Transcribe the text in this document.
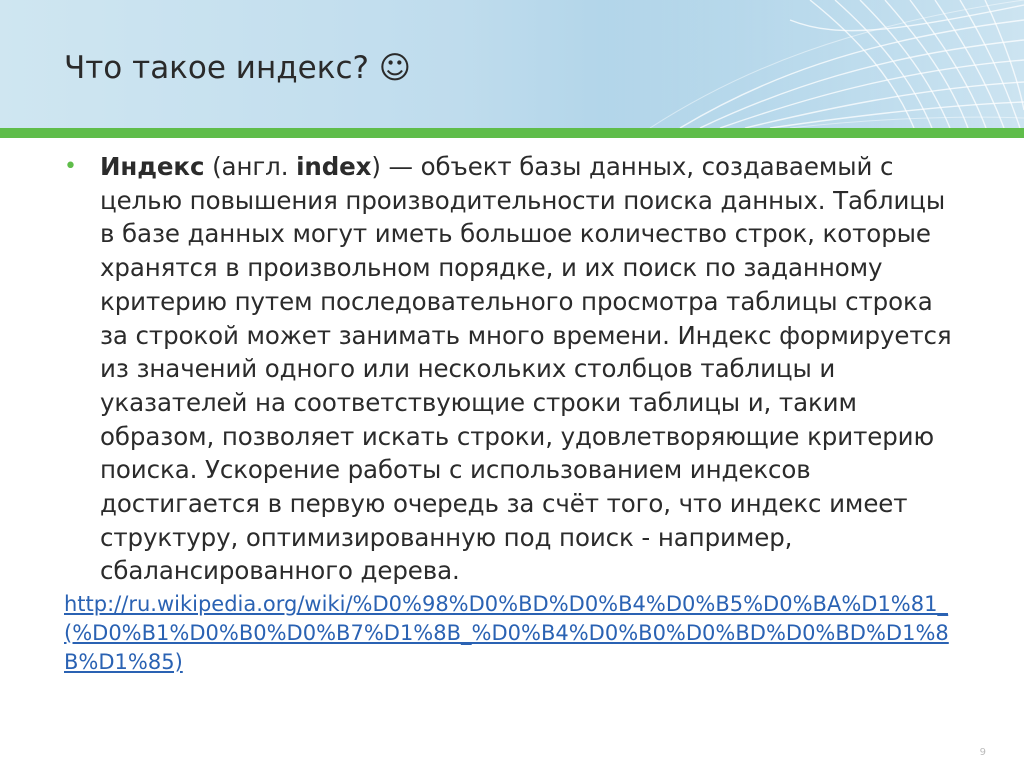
Что такое индекс? ☺
• Индекс (англ. index) — объект базы данных, создаваемый с целью повышения производительности поиска данных. Таблицы в базе данных могут иметь большое количество строк, которые хранятся в произвольном порядке, и их поиск по заданному критерию путем последовательного просмотра таблицы строка за строкой может занимать много времени. Индекс формируется из значений одного или нескольких столбцов таблицы и указателей на соответствующие строки таблицы и, таким образом, позволяет искать строки, удовлетворяющие критерию поиска. Ускорение работы с использованием индексов достигается в первую очередь за счёт того, что индекс имеет структуру, оптимизированную под поиск - например, сбалансированного дерева.
http://ru.wikipedia.org/wiki/%D0%98%D0%BD%D0%B4%D0%B5%D0%BA%D1%81_(%D0%B1%D0%B0%D0%B7%D1%8B_%D0%B4%D0%B0%D0%BD%D0%BD%D1%8B%D1%85)
9
